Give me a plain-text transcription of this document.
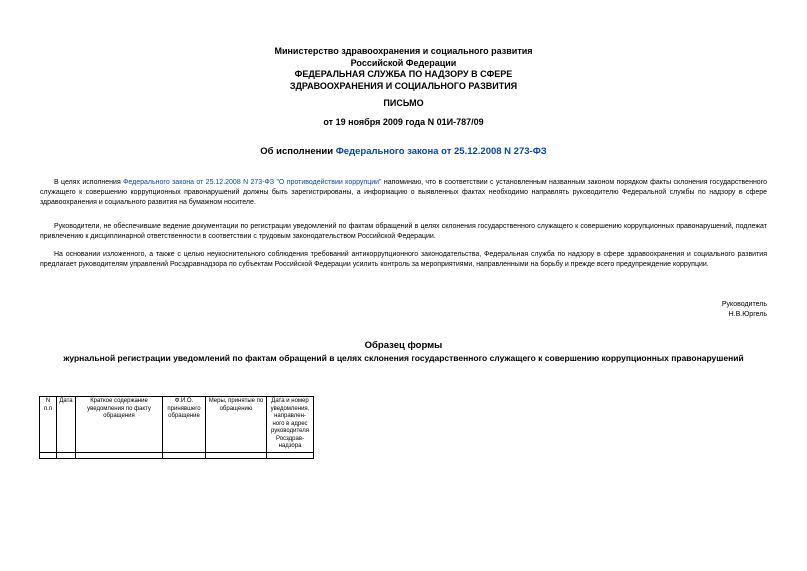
Министерство здравоохранения и социального развития
Российской Федерации
ФЕДЕРАЛЬНАЯ СЛУЖБА ПО НАДЗОРУ В СФЕРЕ
ЗДРАВООХРАНЕНИЯ И СОЦИАЛЬНОГО РАЗВИТИЯ
ПИСЬМО
от 19 ноября 2009 года N 01И-787/09
Об исполнении Федерального закона от 25.12.2008 N 273-ФЗ
В целях исполнения Федерального закона от 25.12.2008 N 273-ФЗ "О противодействии коррупции" напоминаю, что в соответствии с установленным названным законом порядком факты склонения государственного служащего к совершению коррупционных правонарушений должны быть зарегистрированы, а информацию о выявленных фактах необходимо направлять руководителю Федеральной службы по надзору в сфере здравоохранения и социального развития на бумажном носителе.
Руководители, не обеспечившие ведение документации по регистрации уведомлений по фактам обращений в целях склонения государственного служащего к совершению коррупционных правонарушений, подлежат привлечению к дисциплинарной ответственности в соответствии с трудовым законодательством Российской Федерации.
На основании изложенного, а также с целью неукоснительного соблюдения требований антикоррупционного законодательства, Федеральная служба по надзору в сфере здравоохранения и социального развития предлагает руководителям управлений Росздравнадзора по субъектам Российской Федерации усилить контроль за мероприятиями, направленными на борьбу и прежде всего предупреждение коррупции.
Руководитель
Н.В.Юргель
Образец формы
журнальной регистрации уведомлений по фактам обращений в целях склонения государственного служащего к совершению коррупционных правонарушений
N п.п	Дата	Краткое содержание уведомления по факту обращения	Ф.И.О. принявшего обращение	Меры, принятые по обращению	Дата и номер уведомления, направлен-ного в адрес руководителя Росздрав-надзора
